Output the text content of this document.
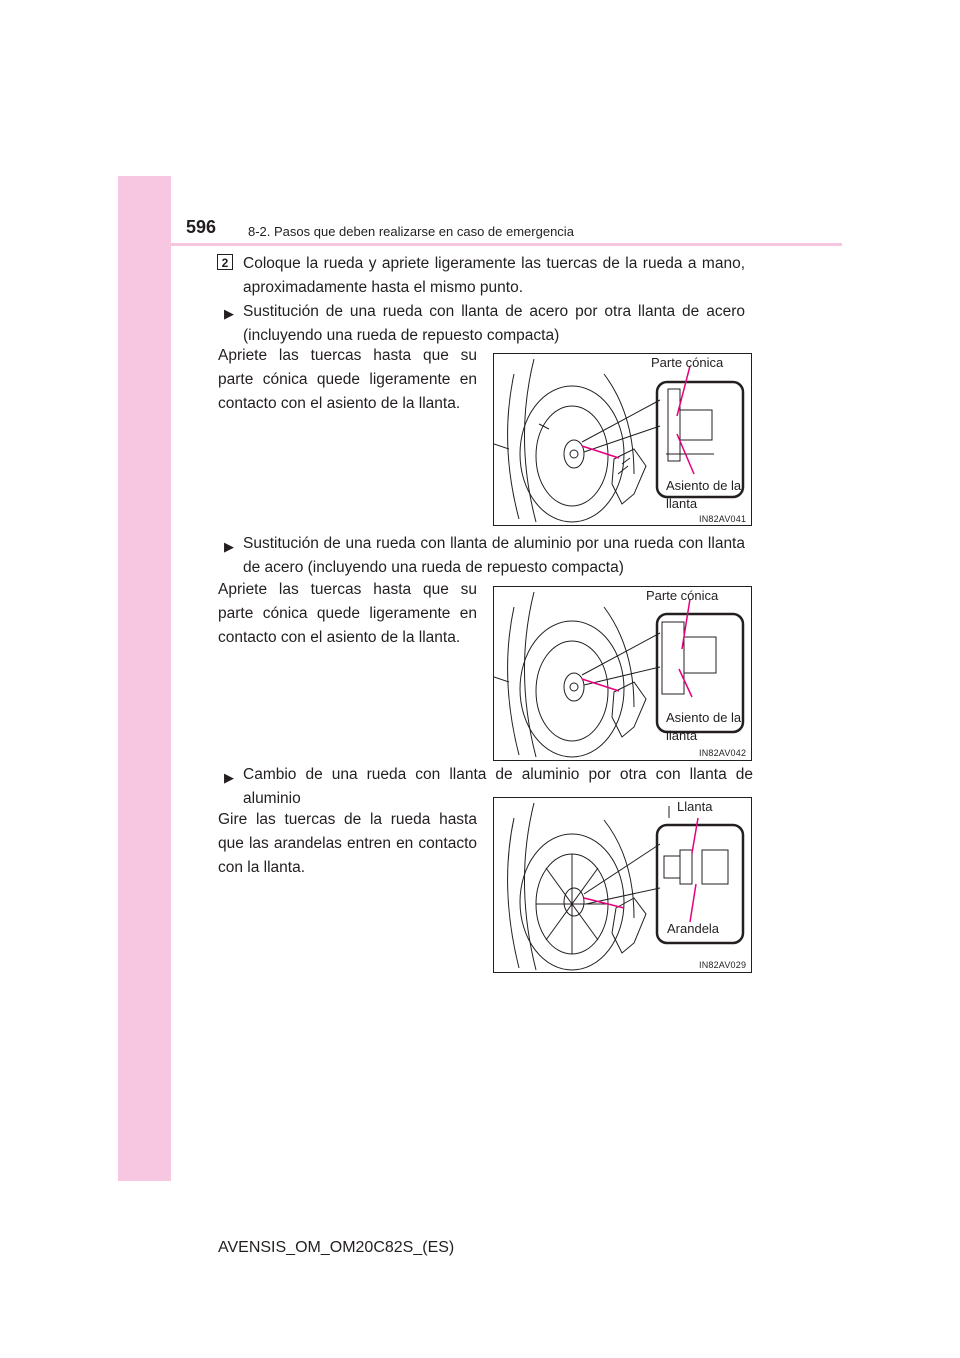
596 8-2. Pasos que deben realizarse en caso de emergencia
2 Coloque la rueda y apriete ligeramente las tuercas de la rueda a mano, aproximadamente hasta el mismo punto.
▶ Sustitución de una rueda con llanta de acero por otra llanta de acero (incluyendo una rueda de repuesto compacta)
Apriete las tuercas hasta que su parte cónica quede ligeramente en contacto con el asiento de la llanta.
Parte cónica
Asiento de la llanta
IN82AV041
▶ Sustitución de una rueda con llanta de aluminio por una rueda con llanta de acero (incluyendo una rueda de repuesto compacta)
Apriete las tuercas hasta que su parte cónica quede ligeramente en contacto con el asiento de la llanta.
Parte cónica
Asiento de la llanta
IN82AV042
▶ Cambio de una rueda con llanta de aluminio por otra con llanta de aluminio
Gire las tuercas de la rueda hasta que las arandelas entren en contacto con la llanta.
Llanta
Arandela
IN82AV029
AVENSIS_OM_OM20C82S_(ES)
